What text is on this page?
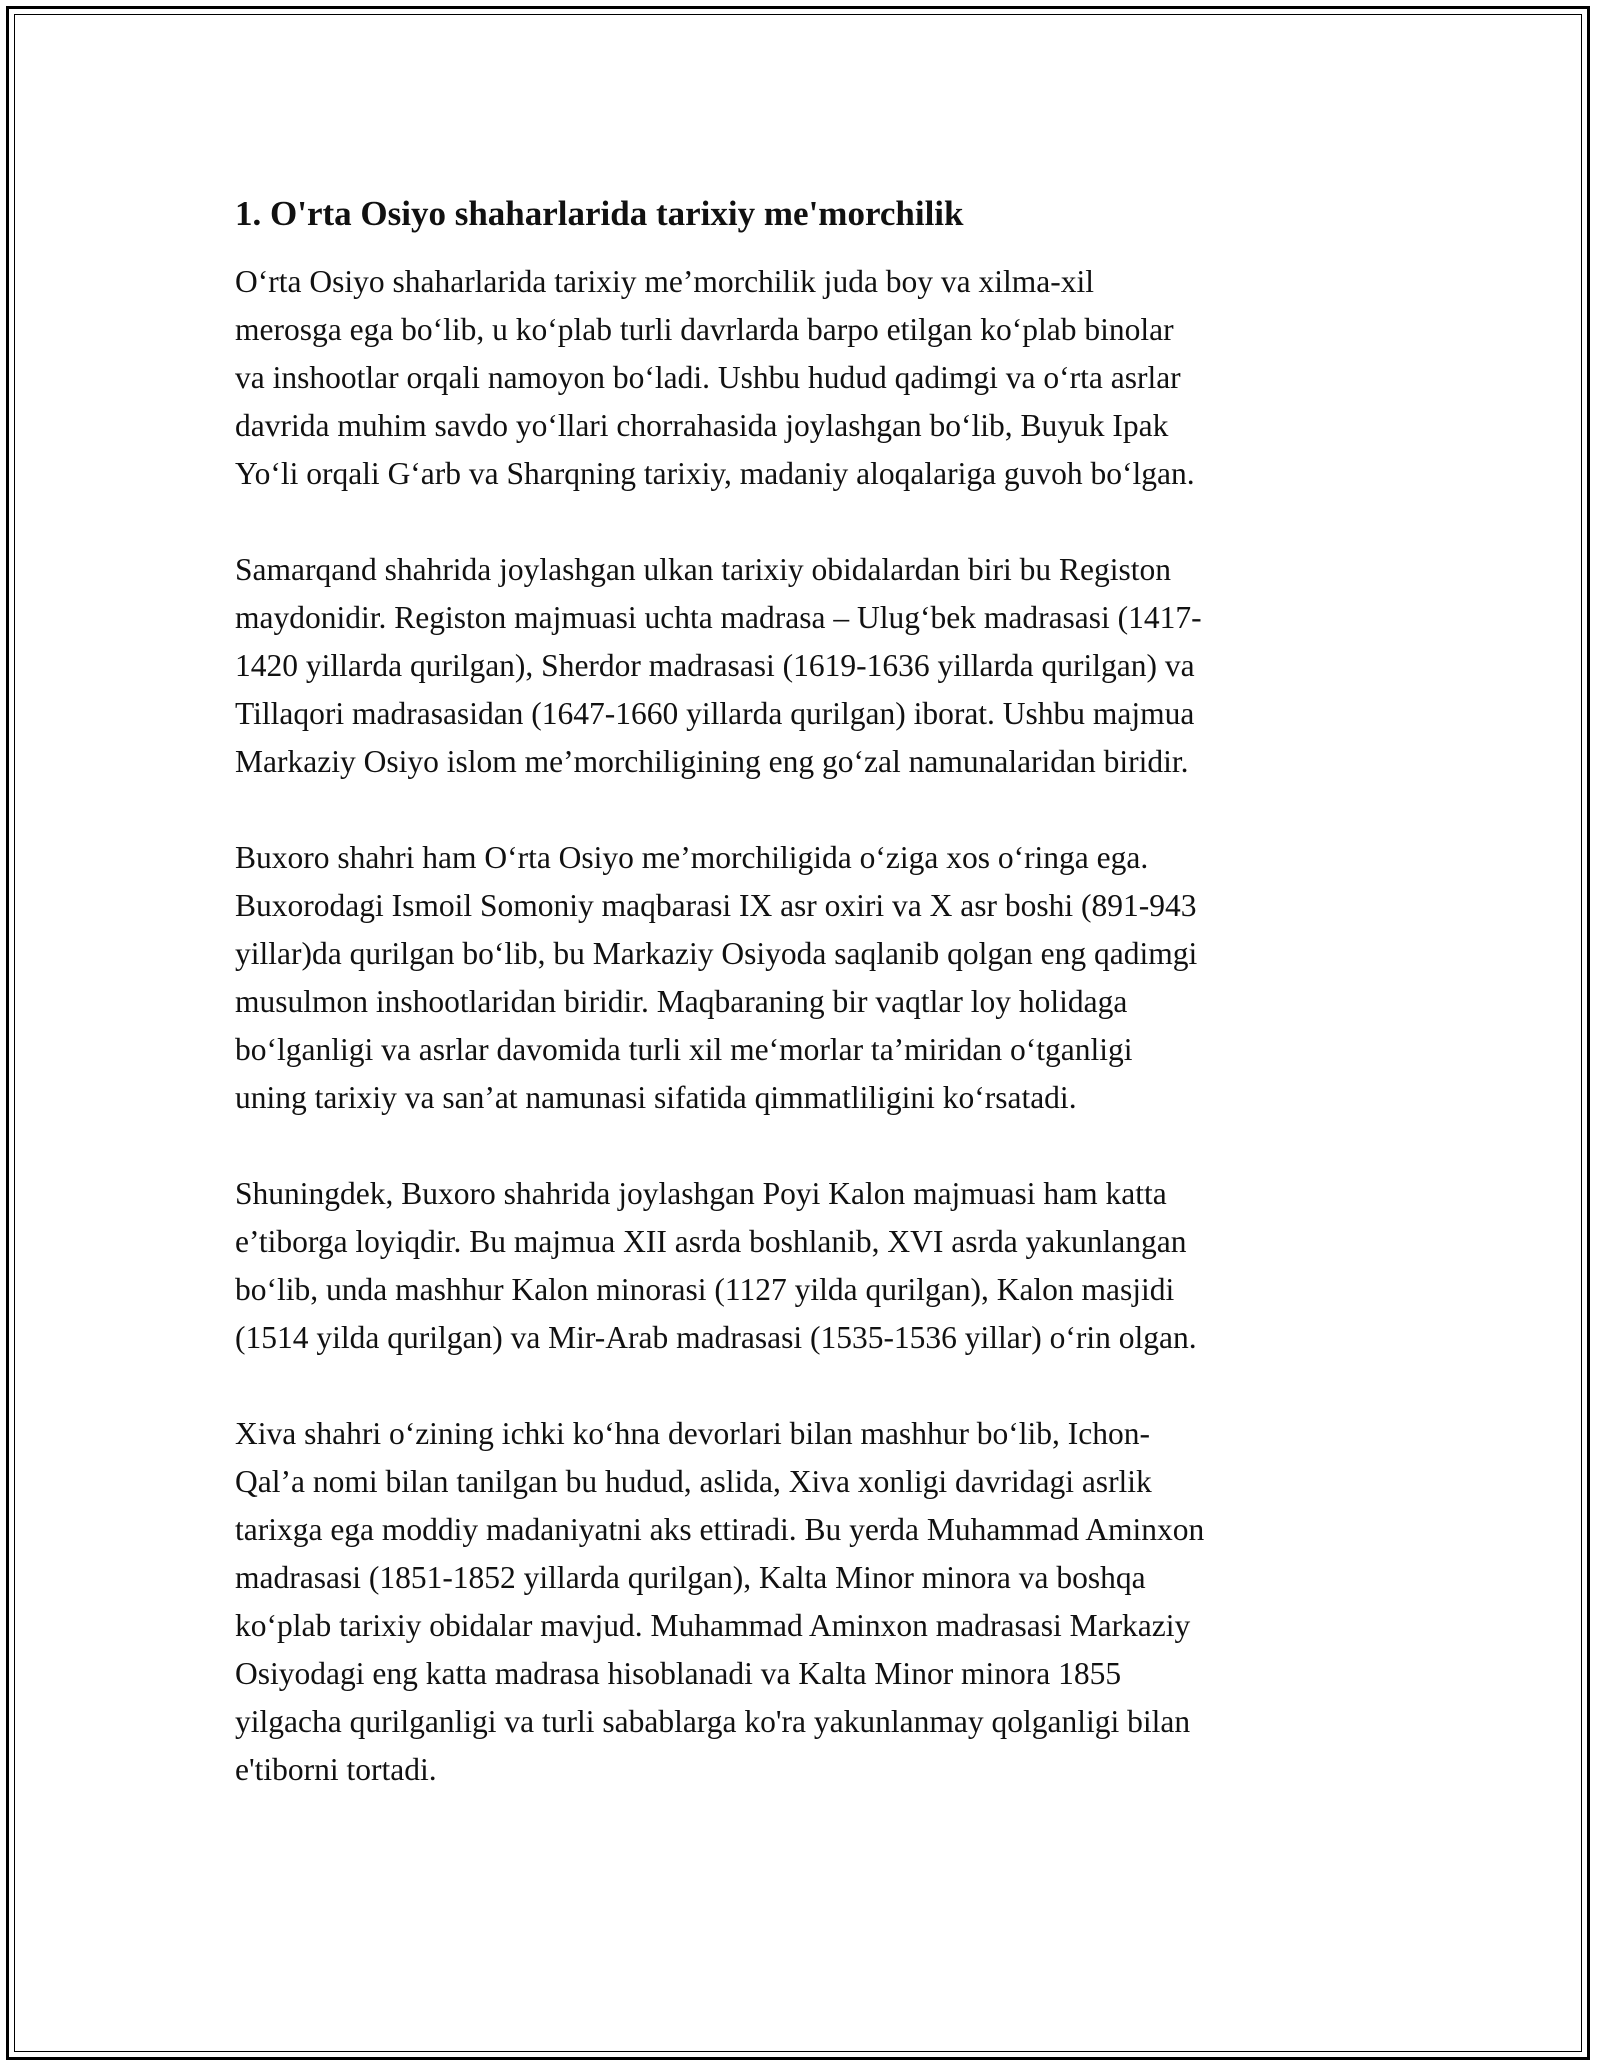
1. O'rta Osiyo shaharlarida tarixiy me'morchilik

O‘rta Osiyo shaharlarida tarixiy me’morchilik juda boy va xilma-xil
merosga ega bo‘lib, u ko‘plab turli davrlarda barpo etilgan ko‘plab binolar
va inshootlar orqali namoyon bo‘ladi. Ushbu hudud qadimgi va o‘rta asrlar
davrida muhim savdo yo‘llari chorrahasida joylashgan bo‘lib, Buyuk Ipak
Yo‘li orqali G‘arb va Sharqning tarixiy, madaniy aloqalariga guvoh bo‘lgan.

Samarqand shahrida joylashgan ulkan tarixiy obidalardan biri bu Registon
maydonidir. Registon majmuasi uchta madrasa – Ulug‘bek madrasasi (1417-
1420 yillarda qurilgan), Sherdor madrasasi (1619-1636 yillarda qurilgan) va
Tillaqori madrasasidan (1647-1660 yillarda qurilgan) iborat. Ushbu majmua
Markaziy Osiyo islom me’morchiligining eng go‘zal namunalaridan biridir.

Buxoro shahri ham O‘rta Osiyo me’morchiligida o‘ziga xos o‘ringa ega.
Buxorodagi Ismoil Somoniy maqbarasi IX asr oxiri va X asr boshi (891-943
yillar)da qurilgan bo‘lib, bu Markaziy Osiyoda saqlanib qolgan eng qadimgi
musulmon inshootlaridan biridir. Maqbaraning bir vaqtlar loy holidaga
bo‘lganligi va asrlar davomida turli xil me‘morlar ta’miridan o‘tganligi
uning tarixiy va san’at namunasi sifatida qimmatliligini ko‘rsatadi.

Shuningdek, Buxoro shahrida joylashgan Poyi Kalon majmuasi ham katta
e’tiborga loyiqdir. Bu majmua XII asrda boshlanib, XVI asrda yakunlangan
bo‘lib, unda mashhur Kalon minorasi (1127 yilda qurilgan), Kalon masjidi
(1514 yilda qurilgan) va Mir-Arab madrasasi (1535-1536 yillar) o‘rin olgan.

Xiva shahri o‘zining ichki ko‘hna devorlari bilan mashhur bo‘lib, Ichon-
Qal’a nomi bilan tanilgan bu hudud, aslida, Xiva xonligi davridagi asrlik
tarixga ega moddiy madaniyatni aks ettiradi. Bu yerda Muhammad Aminxon
madrasasi (1851-1852 yillarda qurilgan), Kalta Minor minora va boshqa
ko‘plab tarixiy obidalar mavjud. Muhammad Aminxon madrasasi Markaziy
Osiyodagi eng katta madrasa hisoblanadi va Kalta Minor minora 1855
yilgacha qurilganligi va turli sabablarga ko'ra yakunlanmay qolganligi bilan
e'tiborni tortadi.
